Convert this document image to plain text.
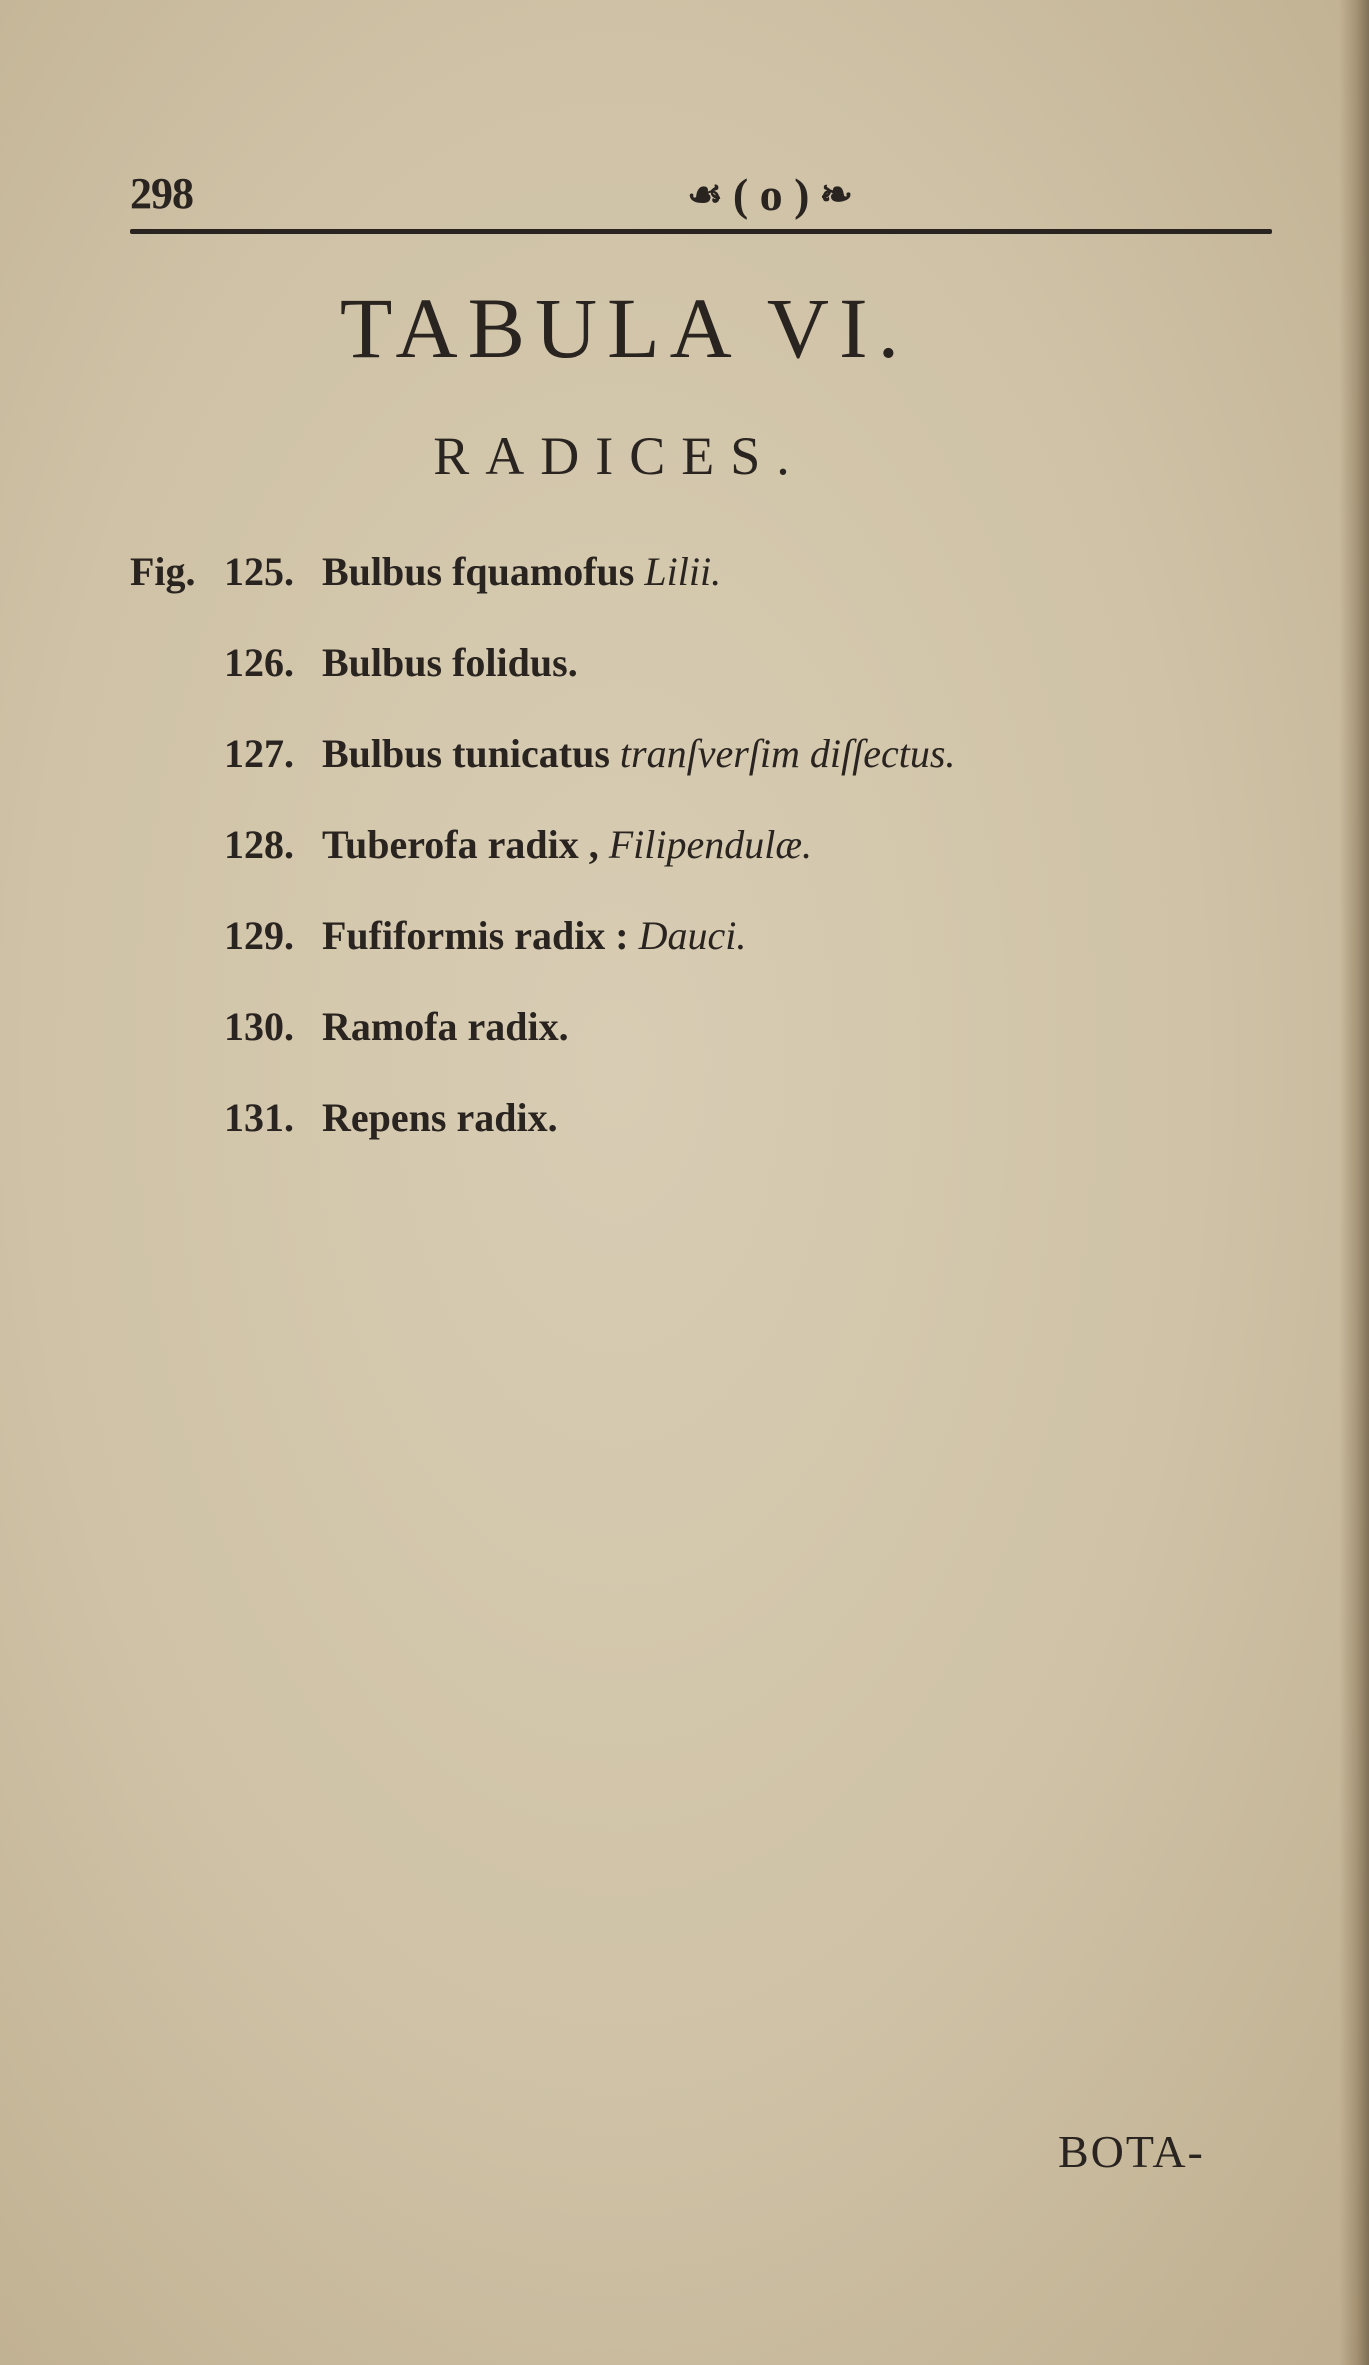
298	☙ ( o ) ❧
TABULA VI.
RADICES.
Fig. 125. Bulbus fquamofus Lilii.
126. Bulbus folidus.
127. Bulbus tunicatus tranſverſim diſſectus.
128. Tuberofa radix , Filipendulæ.
129. Fufiformis radix : Dauci.
130. Ramofa radix.
131. Repens radix.
BOTA-
